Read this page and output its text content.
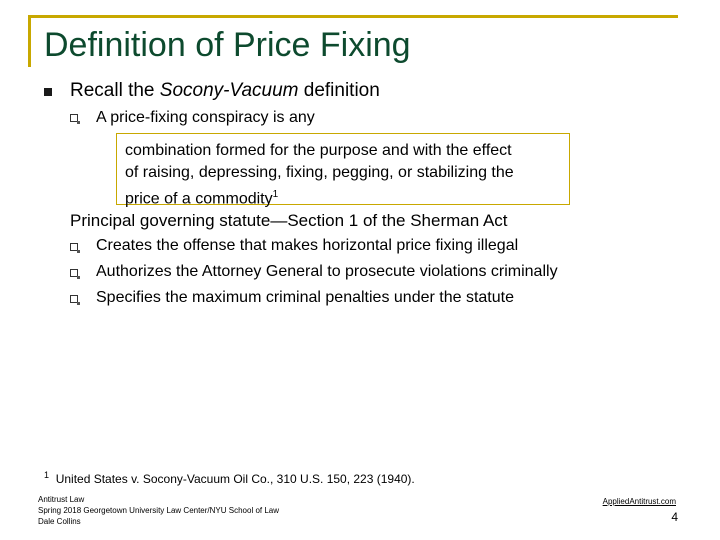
Definition of Price Fixing
Recall the Socony-Vacuum definition
A price-fixing conspiracy is any
combination formed for the purpose and with the effect
of raising, depressing, fixing, pegging, or stabilizing the
price of a commodity$^1$
Principal governing statute—Section 1 of the Sherman Act
Creates the offense that makes horizontal price fixing illegal
Authorizes the Attorney General to prosecute violations criminally
Specifies the maximum criminal penalties under the statute
$^1$ United States v. Socony-Vacuum Oil Co., 310 U.S. 150, 223 (1940).
Antitrust Law
Spring 2018 Georgetown University Law Center/NYU School of Law
Dale Collins
AppliedAntitrust.com
4
